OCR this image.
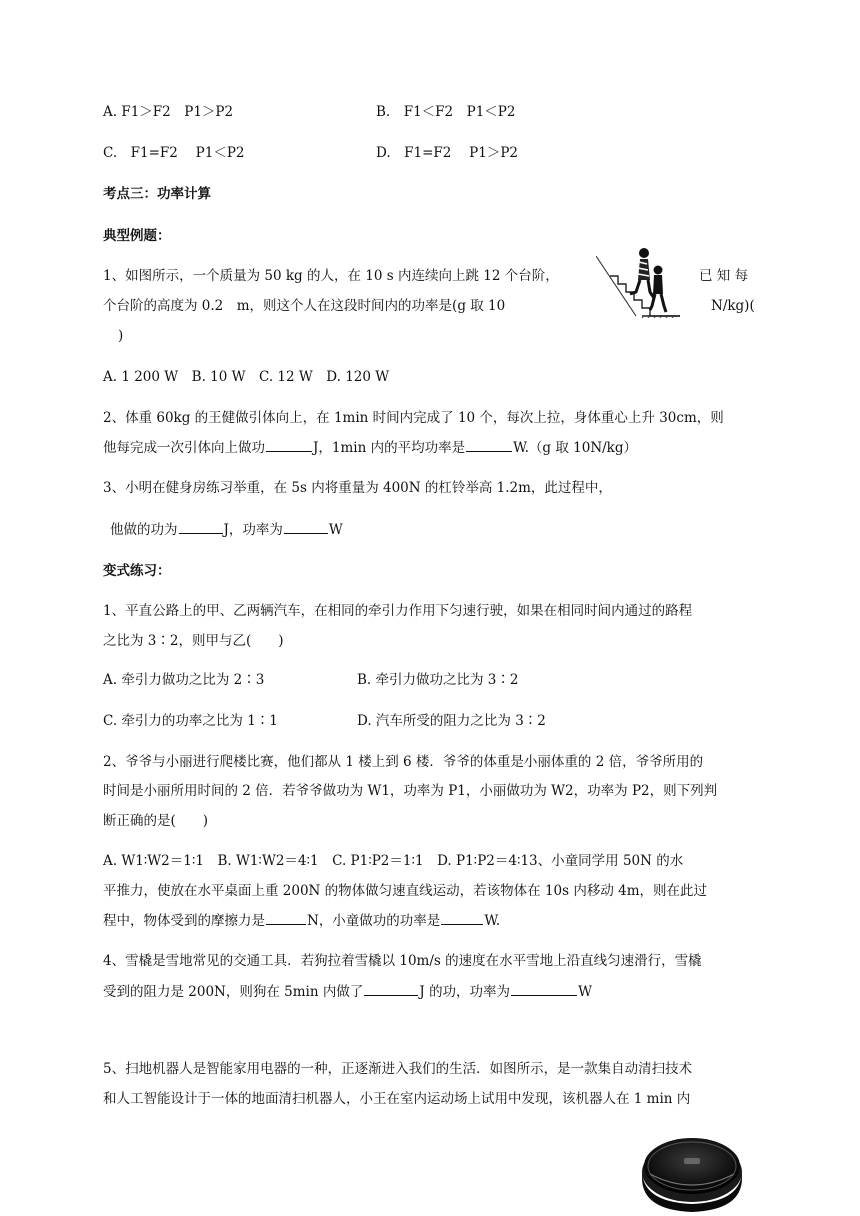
A. F1＞F2　P1＞P2	B.　F1＜F2　P1＜P2
C.　F1=F2　 P1＜P2	D.　F1=F2　 P1＞P2
考点三：功率计算
典型例题：
1、如图所示，一个质量为 50 kg 的人，在 10 s 内连续向上跳 12 个台阶，	已 知 每
个台阶的高度为 0.2　m，则这个人在这段时间内的功率是(g 取 10	N/kg)(
)
A. 1 200 W　B. 10 W　C. 12 W　D. 120 W
2、体重 60kg 的王健做引体向上，在 1min 时间内完成了 10 个，每次上拉，身体重心上升 30cm，则
他每完成一次引体向上做功	J，1min 内的平均功率是	W.（g 取 10N/kg）
3、小明在健身房练习举重，在 5s 内将重量为 400N 的杠铃举高 1.2m，此过程中，
他做的功为	J，功率为	W
变式练习：
1、平直公路上的甲、乙两辆汽车，在相同的牵引力作用下匀速行驶，如果在相同时间内通过的路程
之比为 3∶2，则甲与乙(　　)
A. 牵引力做功之比为 2∶3	B. 牵引力做功之比为 3∶2
C. 牵引力的功率之比为 1∶1	D. 汽车所受的阻力之比为 3∶2
2、爷爷与小丽进行爬楼比赛，他们都从 1 楼上到 6 楼．爷爷的体重是小丽体重的 2 倍，爷爷所用的
时间是小丽所用时间的 2 倍．若爷爷做功为 W1，功率为 P1，小丽做功为 W2，功率为 P2，则下列判
断正确的是(　　)
A. W1∶W2＝1∶1　B. W1∶W2＝4∶1　C. P1∶P2＝1∶1　D. P1∶P2＝4∶13、小童同学用 50N 的水
平推力，使放在水平桌面上重 200N 的物体做匀速直线运动，若该物体在 10s 内移动 4m，则在此过
程中，物体受到的摩擦力是	N，小童做功的功率是	W.
4、雪橇是雪地常见的交通工具．若狗拉着雪橇以 10m/s 的速度在水平雪地上沿直线匀速滑行，雪橇
受到的阻力是 200N，则狗在 5min 内做了	J 的功，功率为	W
5、扫地机器人是智能家用电器的一种，正逐渐进入我们的生活．如图所示，是一款集自动清扫技术
和人工智能设计于一体的地面清扫机器人，小王在室内运动场上试用中发现，该机器人在 1 min 内
